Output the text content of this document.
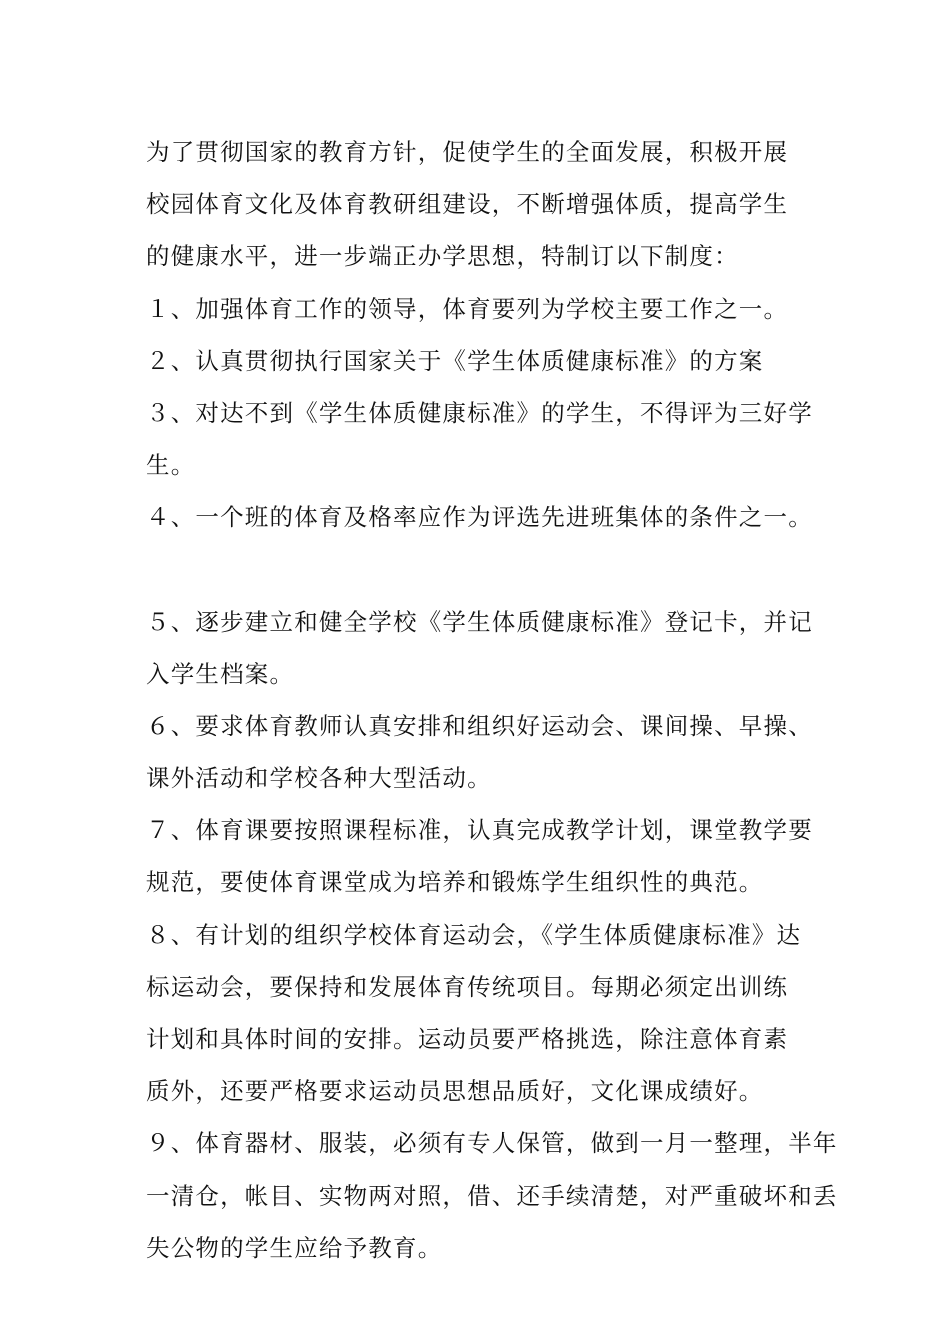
为了贯彻国家的教育方针，促使学生的全面发展，积极开展
校园体育文化及体育教研组建设，不断增强体质，提高学生
的健康水平，进一步端正办学思想，特制订以下制度：
１、加强体育工作的领导，体育要列为学校主要工作之一。
２、认真贯彻执行国家关于《学生体质健康标准》的方案
３、对达不到《学生体质健康标准》的学生，不得评为三好学
生。
４、一个班的体育及格率应作为评选先进班集体的条件之一。
５、逐步建立和健全学校《学生体质健康标准》登记卡，并记
入学生档案。
６、要求体育教师认真安排和组织好运动会、课间操、早操、
课外活动和学校各种大型活动。
７、体育课要按照课程标准，认真完成教学计划，课堂教学要
规范，要使体育课堂成为培养和锻炼学生组织性的典范。
８、有计划的组织学校体育运动会，《学生体质健康标准》达
标运动会，要保持和发展体育传统项目。每期必须定出训练
计划和具体时间的安排。运动员要严格挑选，除注意体育素
质外，还要严格要求运动员思想品质好，文化课成绩好。
９、体育器材、服装，必须有专人保管，做到一月一整理，半年
一清仓，帐目、实物两对照，借、还手续清楚，对严重破坏和丢
失公物的学生应给予教育。
